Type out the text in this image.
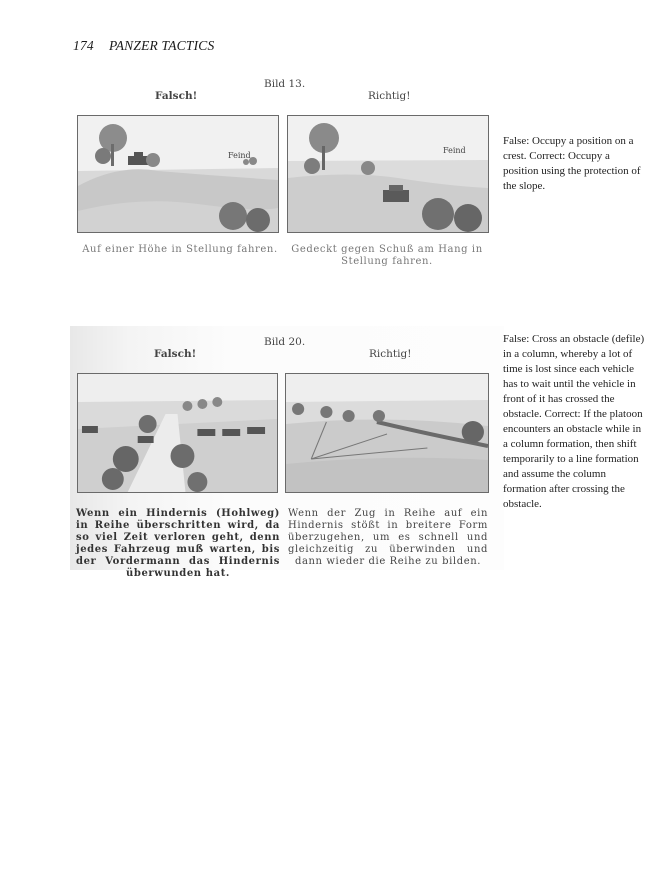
174 PANZER TACTICS
Bild 13.
Falsch!	Richtig!
Feind
Feind
Auf einer Höhe in Stellung fahren.	Gedeckt gegen Schuß am Hang in Stellung fahren.
False: Occupy a position on a crest. Correct: Occupy a position using the protection of the slope.
Bild 20.
Falsch!	Richtig!
Wenn ein Hindernis (Hohlweg) in Reihe überschritten wird, da so viel Zeit verloren geht, denn jedes Fahrzeug muß warten, bis der Vordermann das Hindernis überwunden hat.
Wenn der Zug in Reihe auf ein Hindernis stößt in breitere Form überzugehen, um es schnell und gleichzeitig zu überwinden und dann wieder die Reihe zu bilden.
False: Cross an obstacle (defile) in a column, whereby a lot of time is lost since each vehicle has to wait until the vehicle in front of it has crossed the obstacle. Correct: If the platoon encounters an obstacle while in a column formation, then shift temporarily to a line formation and assume the column formation after crossing the obstacle.
